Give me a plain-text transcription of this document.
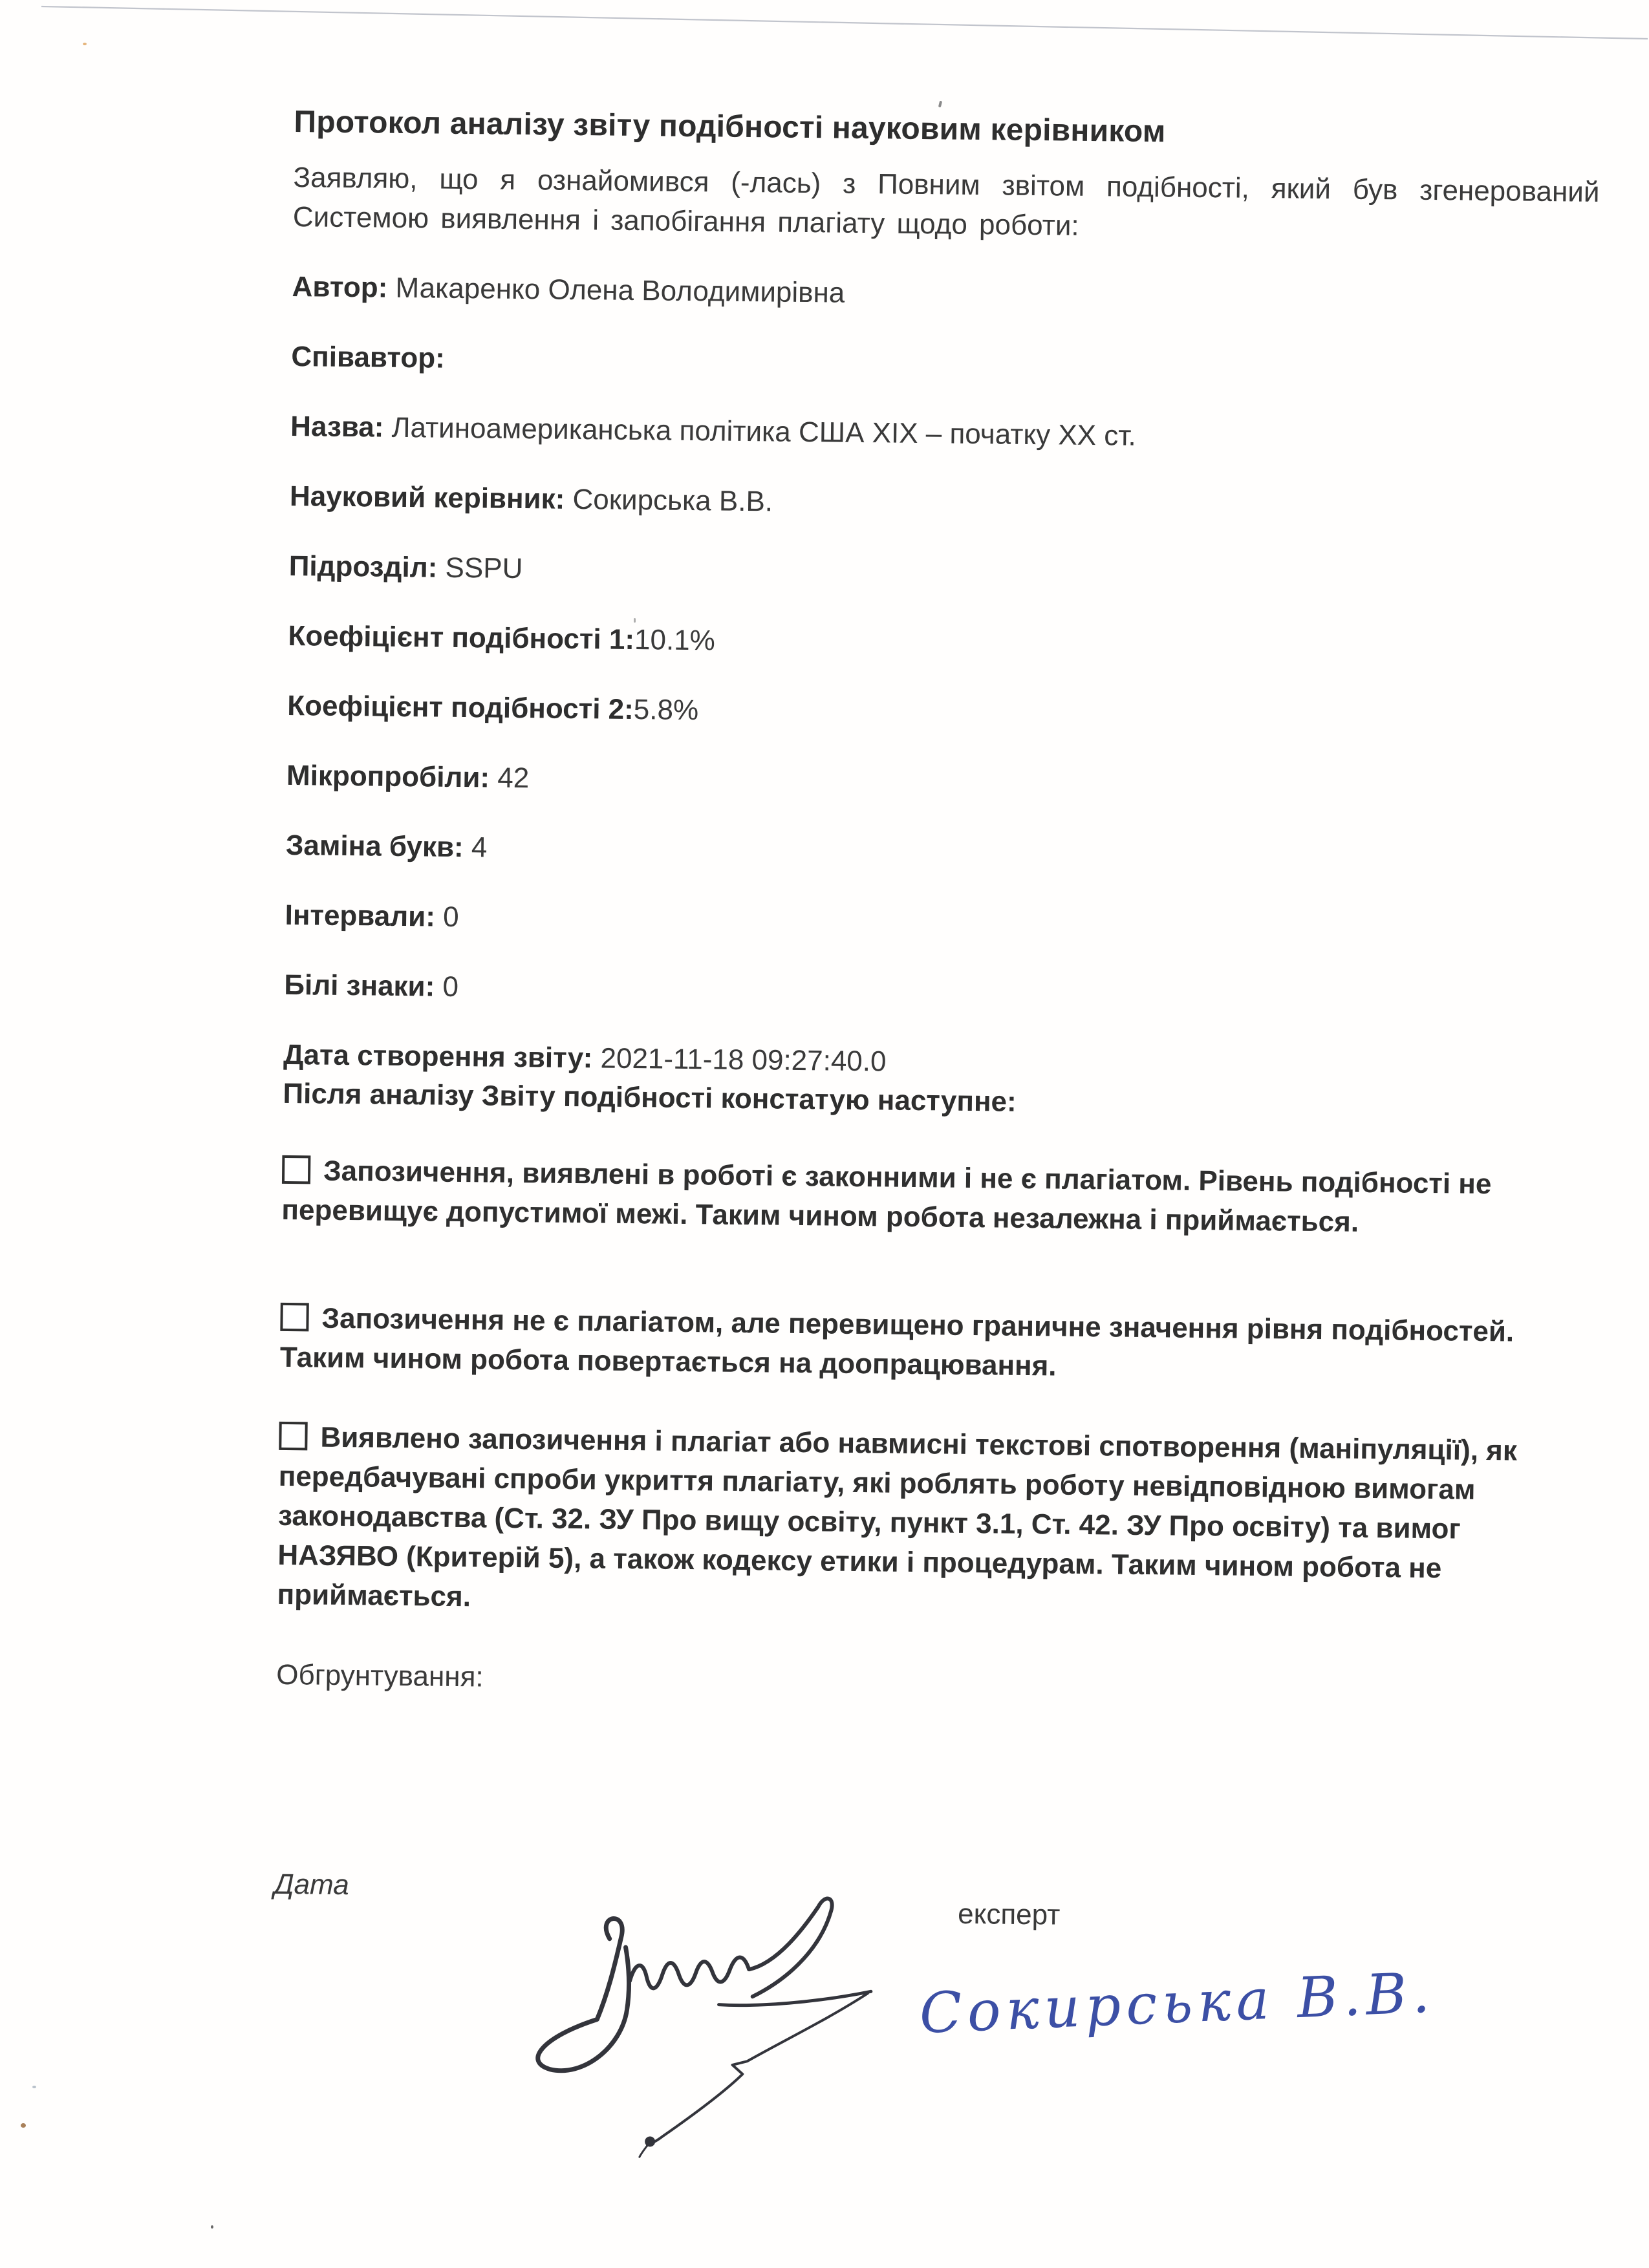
Протокол аналізу звіту подібності науковим керівником

Заявляю, що я ознайомився (-лась) з Повним звітом подібності, який був згенерований Системою виявлення і запобігання плагіату щодо роботи:

Автор: Макаренко Олена Володимирівна
Співавтор:
Назва: Латиноамериканська політика США XIX – початку XX ст.
Науковий керівник: Сокирська В.В.
Підрозділ: SSPU
Коефіцієнт подібності 1:10.1%
Коефіцієнт подібності 2:5.8%
Мікропробіли: 42
Заміна букв: 4
Інтервали: 0
Білі знаки: 0
Дата створення звіту: 2021-11-18 09:27:40.0

Після аналізу Звіту подібності констатую наступне:

Запозичення, виявлені в роботі є законними і не є плагіатом. Рівень подібності не перевищує допустимої межі. Таким чином робота незалежна і приймається.
Запозичення не є плагіатом, але перевищено граничне значення рівня подібностей. Таким чином робота повертається на доопрацювання.
Виявлено запозичення і плагіат або навмисні текстові спотворення (маніпуляції), як передбачувані спроби укриття плагіату, які роблять роботу невідповідною вимогам законодавства (Ст. 32. ЗУ Про вищу освіту, пункт 3.1, Ст. 42. ЗУ Про освіту) та вимог НАЗЯВО (Критерій 5), а також кодексу етики і процедурам. Таким чином робота не приймається.

Обгрунтування:

Дата
експерт
Сокирська В.В.
